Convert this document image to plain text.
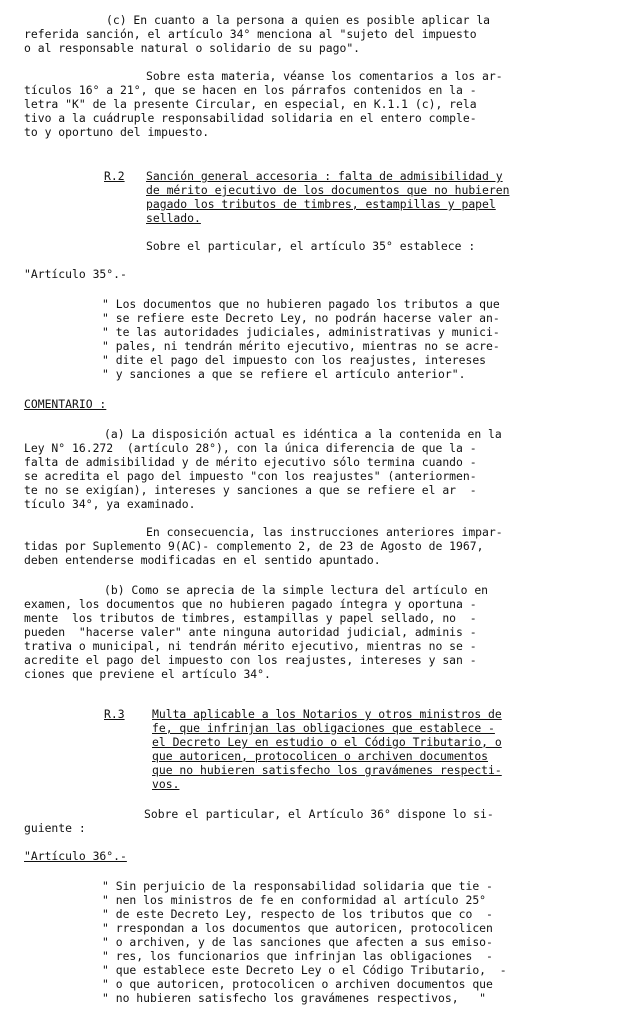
(c) En cuanto a la persona a quien es posible aplicar la
referida sanción, el artículo 34° menciona al "sujeto del impuesto
o al responsable natural o solidario de su pago".
Sobre esta materia, véanse los comentarios a los ar-
tículos 16° a 21°, que se hacen en los párrafos contenidos en la -
letra "K" de la presente Circular, en especial, en K.1.1 (c), rela
tivo a la cuádruple responsabilidad solidaria en el entero comple-
to y oportuno del impuesto.
R.2 Sanción general accesoria : falta de admisibilidad y
de mérito ejecutivo de los documentos que no hubieren
pagado los tributos de timbres, estampillas y papel
sellado.
Sobre el particular, el artículo 35° establece :
"Artículo 35°.-
" Los documentos que no hubieren pagado los tributos a que
" se refiere este Decreto Ley, no podrán hacerse valer an-
" te las autoridades judiciales, administrativas y munici-
" pales, ni tendrán mérito ejecutivo, mientras no se acre-
" dite el pago del impuesto con los reajustes, intereses
" y sanciones a que se refiere el artículo anterior".
COMENTARIO :
(a) La disposición actual es idéntica a la contenida en la
Ley N° 16.272  (artículo 28°), con la única diferencia de que la -
falta de admisibilidad y de mérito ejecutivo sólo termina cuando -
se acredita el pago del impuesto "con los reajustes" (anteriormen-
te no se exigían), intereses y sanciones a que se refiere el ar  -
tículo 34°, ya examinado.
En consecuencia, las instrucciones anteriores impar-
tidas por Suplemento 9(AC)- complemento 2, de 23 de Agosto de 1967,
deben entenderse modificadas en el sentido apuntado.
(b) Como se aprecia de la simple lectura del artículo en
examen, los documentos que no hubieren pagado íntegra y oportuna -
mente  los tributos de timbres, estampillas y papel sellado, no  -
pueden  "hacerse valer" ante ninguna autoridad judicial, adminis -
trativa o municipal, ni tendrán mérito ejecutivo, mientras no se -
acredite el pago del impuesto con los reajustes, intereses y san -
ciones que previene el artículo 34°.
R.3 Multa aplicable a los Notarios y otros ministros de
fe, que infrinjan las obligaciones que establece -
el Decreto Ley en estudio o el Código Tributario, o
que autoricen, protocolicen o archiven documentos
que no hubieren satisfecho los gravámenes respecti-
vos.
Sobre el particular, el Artículo 36° dispone lo si-
guiente :
"Artículo 36°.-
" Sin perjuicio de la responsabilidad solidaria que tie -
" nen los ministros de fe en conformidad al artículo 25°
" de este Decreto Ley, respecto de los tributos que co  -
" rrespondan a los documentos que autoricen, protocolicen
" o archiven, y de las sanciones que afecten a sus emiso-
" res, los funcionarios que infrinjan las obligaciones  -
" que establece este Decreto Ley o el Código Tributario,  -
" o que autoricen, protocolicen o archiven documentos que
" no hubieren satisfecho los gravámenes respectivos,   "
